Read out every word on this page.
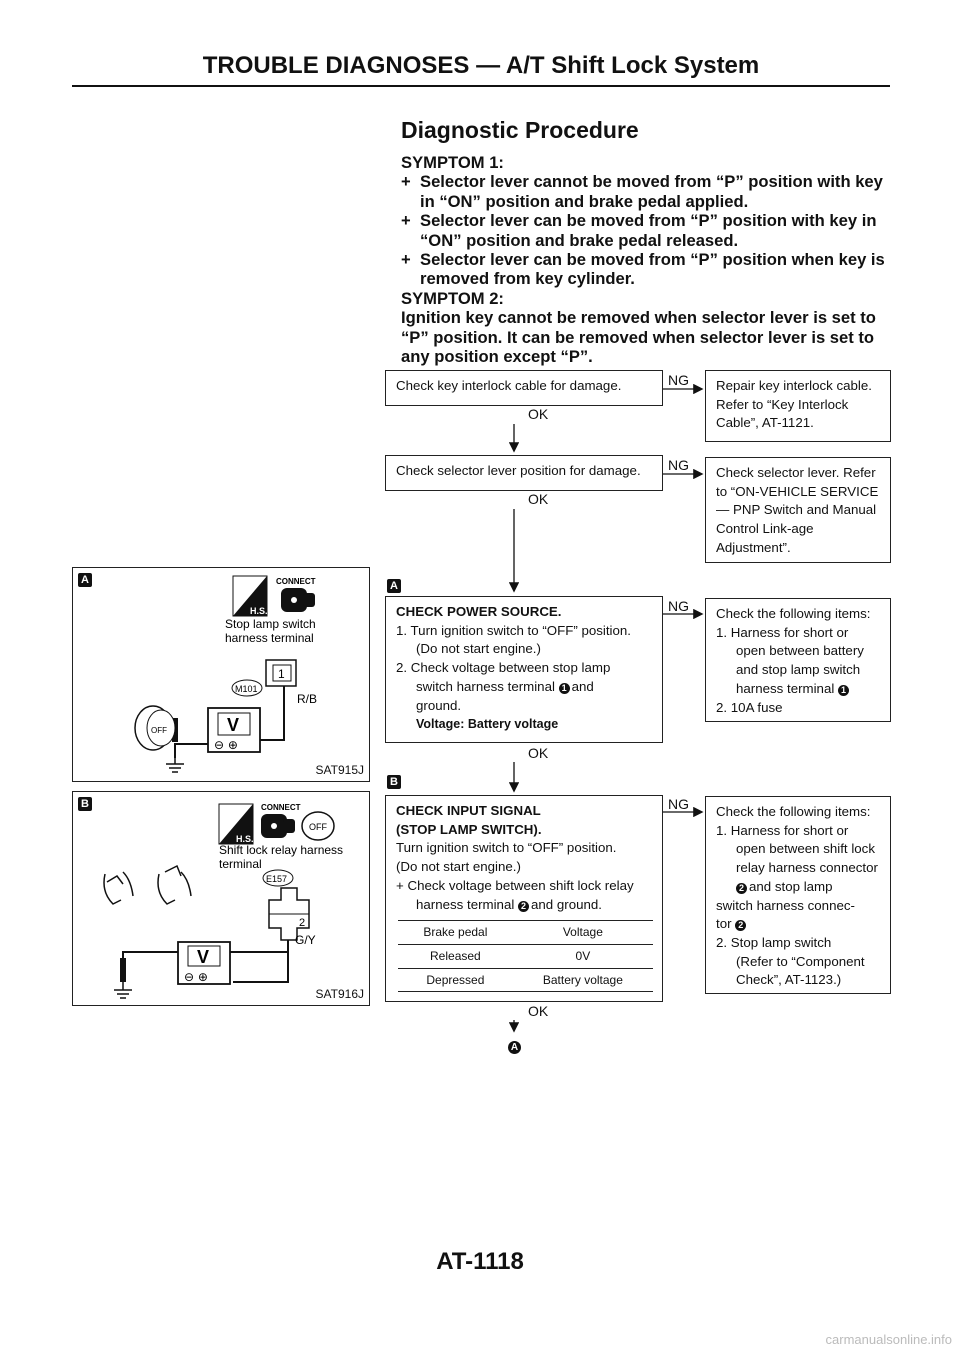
TROUBLE DIAGNOSES — A/T Shift Lock System
Diagnostic Procedure

SYMPTOM 1:

+ Selector lever cannot be moved from “P” position with key in “ON” position and brake pedal applied.

+ Selector lever can be moved from “P” position with key in “ON” position and brake pedal released.

+ Selector lever can be moved from “P” position when key is removed from key cylinder.

SYMPTOM 2:

Ignition key cannot be removed when selector lever is set to “P” position. It can be removed when selector lever is set to any position except “P”.

Check key interlock cable for damage.

OK
NG Repair key interlock cable. Refer to “Key Interlock Cable”, AT-1121.

Check selector lever position for damage.

OK
NG Check selector lever. Refer to “ON-VEHICLE SERVICE — PNP Switch and Manual Control Link-age Adjustment”.

A

CHECK POWER SOURCE.

1. Turn ignition switch to “OFF” position.

(Do not start engine.)

2. Check voltage between stop lamp

switch harness terminal 1 and

ground.

Voltage: Battery voltage

OK
NG Check the following items:

1. Harness for short or

open between battery

and stop lamp switch

harness terminal 1

2. 10A fuse

B

CHECK INPUT SIGNAL

(STOP LAMP SWITCH).

Turn ignition switch to “OFF” position.

(Do not start engine.)

+ Check voltage between shift lock relay

harness terminal 2 and ground.

Brake pedal	Voltage
Released	0V
Depressed	Battery voltage
OK
NG Check the following items:

1. Harness for short or

open between shift lock

relay harness connector

2 and stop lamp

switch harness connec-

tor 2

2. Stop lamp switch

(Refer to “Component

Check”, AT-1123.)

A
A
H.S.
CONNECT
Stop lamp switch
harness terminal
1
M101
R/B
V
⊖ ⊕
OFF
SAT915J
B
H.S.
CONNECT
OFF
Shift lock relay harness
terminal
E157
2
G/Y
V
⊖ ⊕
SAT916J
AT-1118
carmanualsonline.info
